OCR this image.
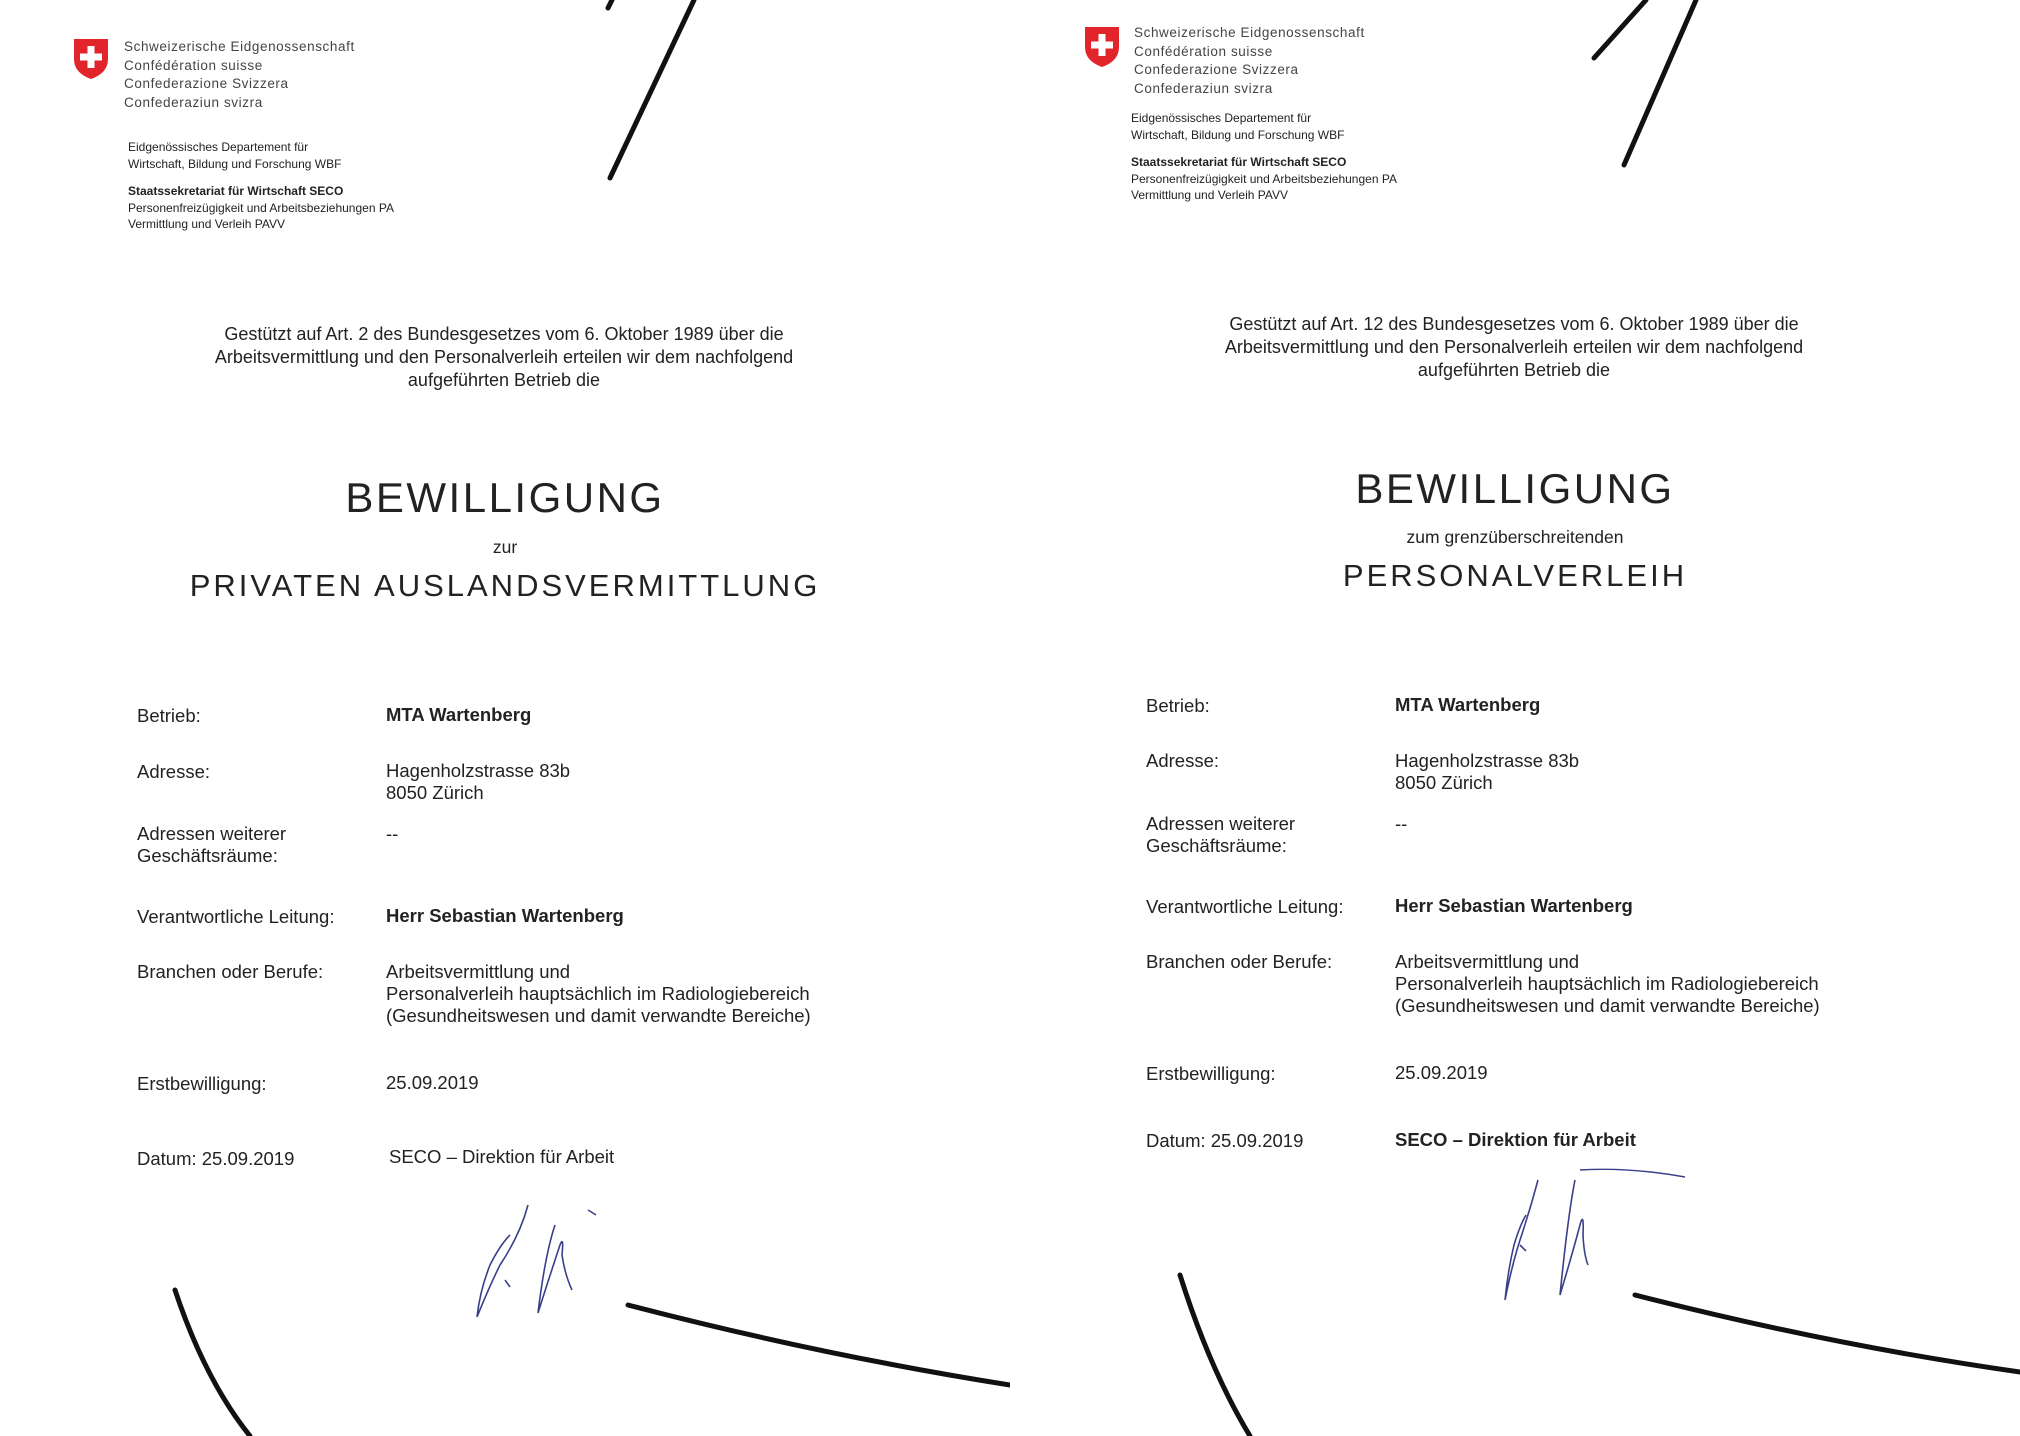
Schweizerische Eidgenossenschaft
Confédération suisse
Confederazione Svizzera
Confederaziun svizra
Eidgenössisches Departement für
Wirtschaft, Bildung und Forschung WBF
Staatssekretariat für Wirtschaft SECO
Personenfreizügigkeit und Arbeitsbeziehungen PA
Vermittlung und Verleih PAVV
Gestützt auf Art. 2 des Bundesgesetzes vom 6. Oktober 1989 über die
Arbeitsvermittlung und den Personalverleih erteilen wir dem nachfolgend
aufgeführten Betrieb die
BEWILLIGUNG
zur
PRIVATEN AUSLANDSVERMITTLUNG
Betrieb:	MTA Wartenberg
Adresse:	Hagenholzstrasse 83b
8050 Zürich
Adressen weiterer
Geschäftsräume:
--
Verantwortliche Leitung:	Herr Sebastian Wartenberg
Branchen oder Berufe:	Arbeitsvermittlung und
Personalverleih hauptsächlich im Radiologiebereich
(Gesundheitswesen und damit verwandte Bereiche)
Erstbewilligung:	25.09.2019
Datum: 25.09.2019	SECO – Direktion für Arbeit
Schweizerische Eidgenossenschaft
Confédération suisse
Confederazione Svizzera
Confederaziun svizra
Eidgenössisches Departement für
Wirtschaft, Bildung und Forschung WBF
Staatssekretariat für Wirtschaft SECO
Personenfreizügigkeit und Arbeitsbeziehungen PA
Vermittlung und Verleih PAVV
Gestützt auf Art. 12 des Bundesgesetzes vom 6. Oktober 1989 über die
Arbeitsvermittlung und den Personalverleih erteilen wir dem nachfolgend
aufgeführten Betrieb die
BEWILLIGUNG
zum grenzüberschreitenden
PERSONALVERLEIH
Betrieb:	MTA Wartenberg
Adresse:	Hagenholzstrasse 83b
8050 Zürich
Adressen weiterer
Geschäftsräume:
--
Verantwortliche Leitung:	Herr Sebastian Wartenberg
Branchen oder Berufe:	Arbeitsvermittlung und
Personalverleih hauptsächlich im Radiologiebereich
(Gesundheitswesen und damit verwandte Bereiche)
Erstbewilligung:	25.09.2019
Datum: 25.09.2019	SECO – Direktion für Arbeit
